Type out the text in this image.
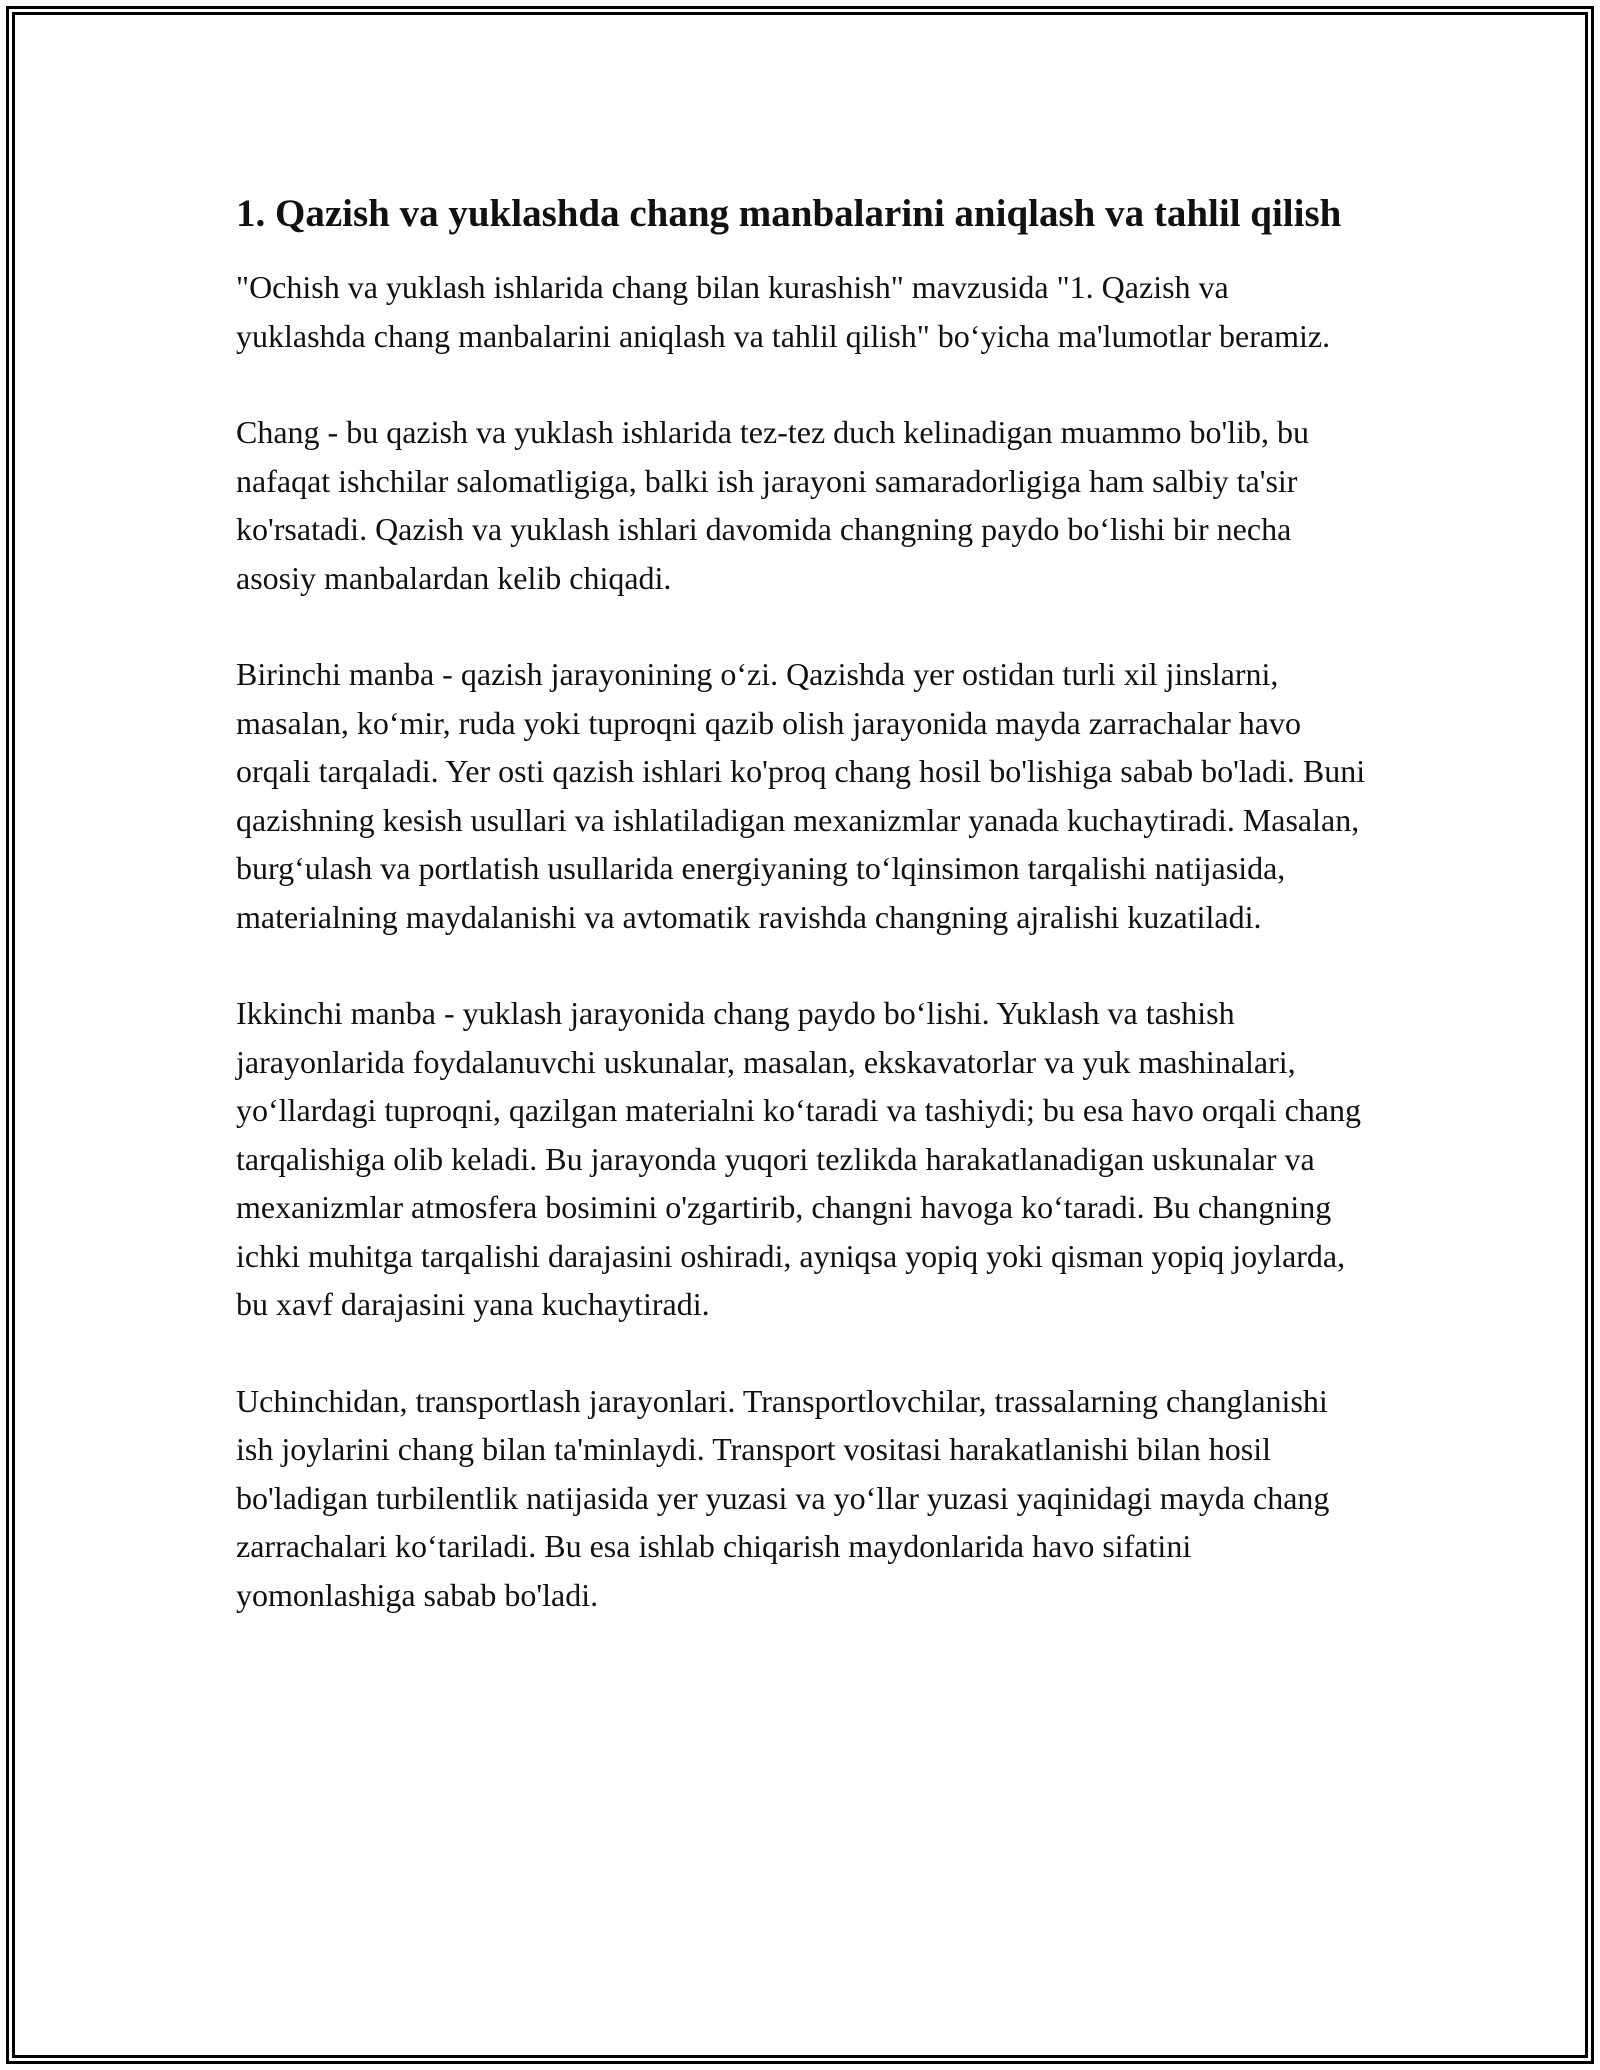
1. Qazish va yuklashda chang manbalarini aniqlash va tahlil qilish

"Ochish va yuklash ishlarida chang bilan kurashish" mavzusida "1. Qazish va yuklashda chang manbalarini aniqlash va tahlil qilish" bo‘yicha ma'lumotlar beramiz.

Chang - bu qazish va yuklash ishlarida tez-tez duch kelinadigan muammo bo'lib, bu nafaqat ishchilar salomatligiga, balki ish jarayoni samaradorligiga ham salbiy ta'sir ko'rsatadi. Qazish va yuklash ishlari davomida changning paydo bo‘lishi bir necha asosiy manbalardan kelib chiqadi.

Birinchi manba - qazish jarayonining o‘zi. Qazishda yer ostidan turli xil jinslarni, masalan, ko‘mir, ruda yoki tuproqni qazib olish jarayonida mayda zarrachalar havo orqali tarqaladi. Yer osti qazish ishlari ko'proq chang hosil bo'lishiga sabab bo'ladi. Buni qazishning kesish usullari va ishlatiladigan mexanizmlar yanada kuchaytiradi. Masalan, burg‘ulash va portlatish usullarida energiyaning to‘lqinsimon tarqalishi natijasida, materialning maydalanishi va avtomatik ravishda changning ajralishi kuzatiladi.

Ikkinchi manba - yuklash jarayonida chang paydo bo‘lishi. Yuklash va tashish jarayonlarida foydalanuvchi uskunalar, masalan, ekskavatorlar va yuk mashinalari, yo‘llardagi tuproqni, qazilgan materialni ko‘taradi va tashiydi; bu esa havo orqali chang tarqalishiga olib keladi. Bu jarayonda yuqori tezlikda harakatlanadigan uskunalar va mexanizmlar atmosfera bosimini o'zgartirib, changni havoga ko‘taradi. Bu changning ichki muhitga tarqalishi darajasini oshiradi, ayniqsa yopiq yoki qisman yopiq joylarda, bu xavf darajasini yana kuchaytiradi.

Uchinchidan, transportlash jarayonlari. Transportlovchilar, trassalarning changlanishi ish joylarini chang bilan ta'minlaydi. Transport vositasi harakatlanishi bilan hosil bo'ladigan turbilentlik natijasida yer yuzasi va yo‘llar yuzasi yaqinidagi mayda chang zarrachalari ko‘tariladi. Bu esa ishlab chiqarish maydonlarida havo sifatini yomonlashiga sabab bo'ladi.
